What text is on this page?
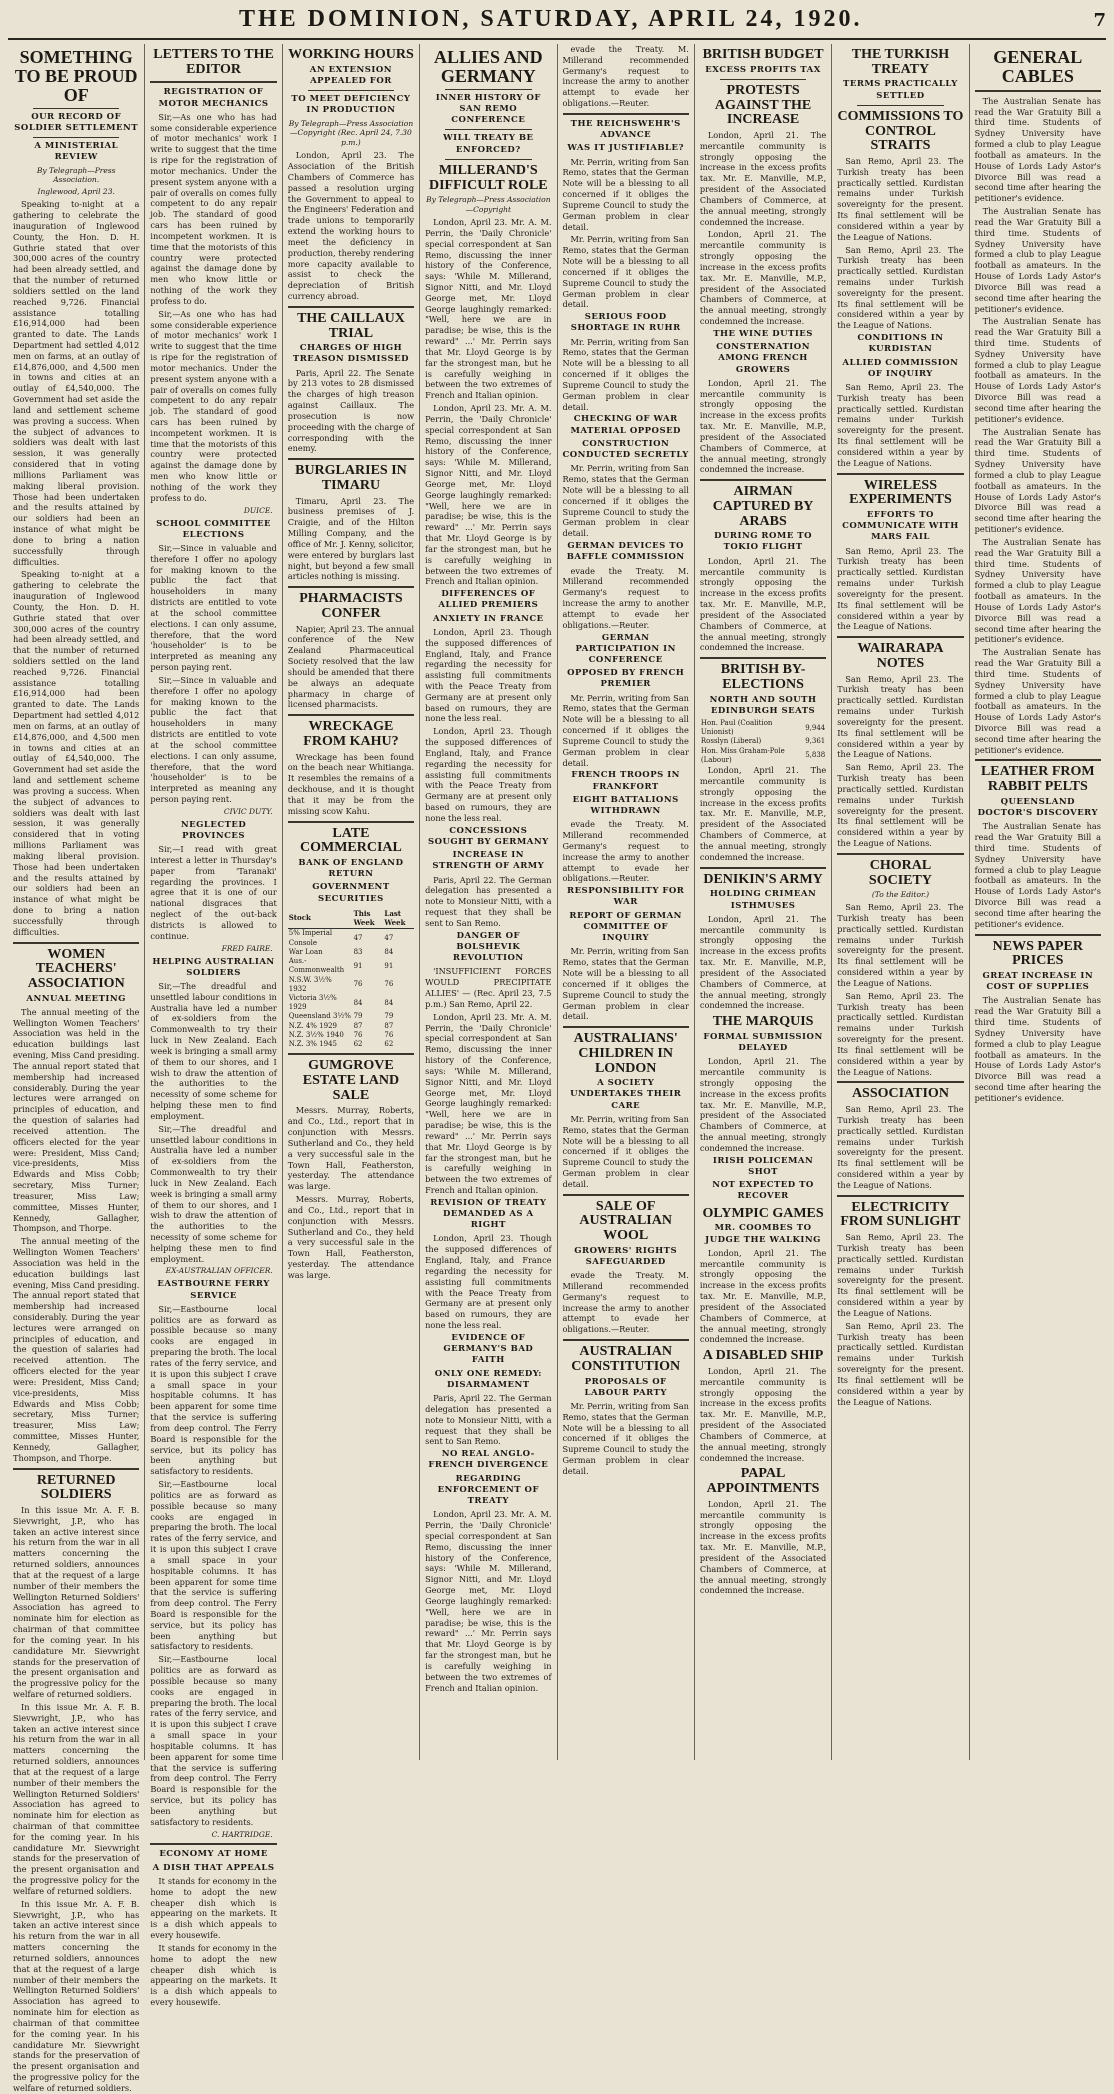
THE DOMINION, SATURDAY, APRIL 24, 1920.	7
SOMETHING TO BE PROUD OF
OUR RECORD OF SOLDIER SETTLEMENT
A MINISTERIAL REVIEW
By Telegraph—Press Association.
Inglewood, April 23.

Speaking to-night at a gathering to celebrate the inauguration of Inglewood County, the Hon. D. H. Guthrie stated that over 300,000 acres of the country had been already settled, and that the number of returned soldiers settled on the land reached 9,726. Financial assistance totalling £16,914,000 had been granted to date. The Lands Department had settled 4,012 men on farms, at an outlay of £14,876,000, and 4,500 men in towns and cities at an outlay of £4,540,000. The Government had set aside the land and settlement scheme was proving a success. When the subject of advances to soldiers was dealt with last session, it was generally considered that in voting millions Parliament was making liberal provision. Those had been undertaken and the results attained by our soldiers had been an instance of what might be done to bring a nation successfully through difficulties.

Speaking to-night at a gathering to celebrate the inauguration of Inglewood County, the Hon. D. H. Guthrie stated that over 300,000 acres of the country had been already settled, and that the number of returned soldiers settled on the land reached 9,726. Financial assistance totalling £16,914,000 had been granted to date. The Lands Department had settled 4,012 men on farms, at an outlay of £14,876,000, and 4,500 men in towns and cities at an outlay of £4,540,000. The Government had set aside the land and settlement scheme was proving a success. When the subject of advances to soldiers was dealt with last session, it was generally considered that in voting millions Parliament was making liberal provision. Those had been undertaken and the results attained by our soldiers had been an instance of what might be done to bring a nation successfully through difficulties.

WOMEN TEACHERS' ASSOCIATION
ANNUAL MEETING

The annual meeting of the Wellington Women Teachers' Association was held in the education buildings last evening, Miss Cand presiding. The annual report stated that membership had increased considerably. During the year lectures were arranged on principles of education, and the question of salaries had received attention. The officers elected for the year were: President, Miss Cand; vice-presidents, Miss Edwards and Miss Cobb; secretary, Miss Turner; treasurer, Miss Law; committee, Misses Hunter, Kennedy, Gallagher, Thompson, and Thorpe.

The annual meeting of the Wellington Women Teachers' Association was held in the education buildings last evening, Miss Cand presiding. The annual report stated that membership had increased considerably. During the year lectures were arranged on principles of education, and the question of salaries had received attention. The officers elected for the year were: President, Miss Cand; vice-presidents, Miss Edwards and Miss Cobb; secretary, Miss Turner; treasurer, Miss Law; committee, Misses Hunter, Kennedy, Gallagher, Thompson, and Thorpe.

RETURNED SOLDIERS

In this issue Mr. A. F. B. Sievwright, J.P., who has taken an active interest since his return from the war in all matters concerning the returned soldiers, announces that at the request of a large number of their members the Wellington Returned Soldiers' Association has agreed to nominate him for election as chairman of that committee for the coming year. In his candidature Mr. Sievwright stands for the preservation of the present organisation and the progressive policy for the welfare of returned soldiers.

In this issue Mr. A. F. B. Sievwright, J.P., who has taken an active interest since his return from the war in all matters concerning the returned soldiers, announces that at the request of a large number of their members the Wellington Returned Soldiers' Association has agreed to nominate him for election as chairman of that committee for the coming year. In his candidature Mr. Sievwright stands for the preservation of the present organisation and the progressive policy for the welfare of returned soldiers.

In this issue Mr. A. F. B. Sievwright, J.P., who has taken an active interest since his return from the war in all matters concerning the returned soldiers, announces that at the request of a large number of their members the Wellington Returned Soldiers' Association has agreed to nominate him for election as chairman of that committee for the coming year. In his candidature Mr. Sievwright stands for the preservation of the present organisation and the progressive policy for the welfare of returned soldiers.

LETTERS TO THE EDITOR
REGISTRATION OF MOTOR MECHANICS

Sir,—As one who has had some considerable experience of motor mechanics' work I write to suggest that the time is ripe for the registration of motor mechanics. Under the present system anyone with a pair of overalls on comes fully competent to do any repair job. The standard of good cars has been ruined by incompetent workmen. It is time that the motorists of this country were protected against the damage done by men who know little or nothing of the work they profess to do.

Sir,—As one who has had some considerable experience of motor mechanics' work I write to suggest that the time is ripe for the registration of motor mechanics. Under the present system anyone with a pair of overalls on comes fully competent to do any repair job. The standard of good cars has been ruined by incompetent workmen. It is time that the motorists of this country were protected against the damage done by men who know little or nothing of the work they profess to do.

DUICE.
SCHOOL COMMITTEE ELECTIONS

Sir,—Since in valuable and therefore I offer no apology for making known to the public the fact that householders in many districts are entitled to vote at the school committee elections. I can only assume, therefore, that the word 'householder' is to be interpreted as meaning any person paying rent.

Sir,—Since in valuable and therefore I offer no apology for making known to the public the fact that householders in many districts are entitled to vote at the school committee elections. I can only assume, therefore, that the word 'householder' is to be interpreted as meaning any person paying rent.

CIVIC DUTY.
NEGLECTED PROVINCES

Sir,—I read with great interest a letter in Thursday's paper from 'Taranaki' regarding the provinces. I agree that it is one of our national disgraces that neglect of the out-back districts is allowed to continue.

FRED FAIRE.
HELPING AUSTRALIAN SOLDIERS

Sir,—The dreadful and unsettled labour conditions in Australia have led a number of ex-soldiers from the Commonwealth to try their luck in New Zealand. Each week is bringing a small army of them to our shores, and I wish to draw the attention of the authorities to the necessity of some scheme for helping these men to find employment.

Sir,—The dreadful and unsettled labour conditions in Australia have led a number of ex-soldiers from the Commonwealth to try their luck in New Zealand. Each week is bringing a small army of them to our shores, and I wish to draw the attention of the authorities to the necessity of some scheme for helping these men to find employment.

EX-AUSTRALIAN OFFICER.
EASTBOURNE FERRY SERVICE

Sir,—Eastbourne local politics are as forward as possible because so many cooks are engaged in preparing the broth. The local rates of the ferry service, and it is upon this subject I crave a small space in your hospitable columns. It has been apparent for some time that the service is suffering from deep control. The Ferry Board is responsible for the service, but its policy has been anything but satisfactory to residents.

Sir,—Eastbourne local politics are as forward as possible because so many cooks are engaged in preparing the broth. The local rates of the ferry service, and it is upon this subject I crave a small space in your hospitable columns. It has been apparent for some time that the service is suffering from deep control. The Ferry Board is responsible for the service, but its policy has been anything but satisfactory to residents.

Sir,—Eastbourne local politics are as forward as possible because so many cooks are engaged in preparing the broth. The local rates of the ferry service, and it is upon this subject I crave a small space in your hospitable columns. It has been apparent for some time that the service is suffering from deep control. The Ferry Board is responsible for the service, but its policy has been anything but satisfactory to residents.

C. HARTRIDGE.
ECONOMY AT HOME
A DISH THAT APPEALS

It stands for economy in the home to adopt the new cheaper dish which is appearing on the markets. It is a dish which appeals to every housewife.

It stands for economy in the home to adopt the new cheaper dish which is appearing on the markets. It is a dish which appeals to every housewife.

WORKING HOURS
AN EXTENSION APPEALED FOR
TO MEET DEFICIENCY IN PRODUCTION
By Telegraph—Press Association—Copyright (Rec. April 24, 7.30 p.m.)

London, April 23. The Association of the British Chambers of Commerce has passed a resolution urging the Government to appeal to the Engineers' Federation and trade unions to temporarily extend the working hours to meet the deficiency in production, thereby rendering more capacity available to assist to check the depreciation of British currency abroad.

THE CAILLAUX TRIAL
CHARGES OF HIGH TREASON DISMISSED

Paris, April 22. The Senate by 213 votes to 28 dismissed the charges of high treason against Caillaux. The prosecution is now proceeding with the charge of corresponding with the enemy.

BURGLARIES IN TIMARU

Timaru, April 23. The business premises of J. Craigie, and of the Hilton Milling Company, and the office of Mr. J. Kenny, solicitor, were entered by burglars last night, but beyond a few small articles nothing is missing.

PHARMACISTS CONFER

Napier, April 23. The annual conference of the New Zealand Pharmaceutical Society resolved that the law should be amended that there be always an adequate pharmacy in charge of licensed pharmacists.

WRECKAGE FROM KAHU?

Wreckage has been found on the beach near Whitianga. It resembles the remains of a deckhouse, and it is thought that it may be from the missing scow Kahu.

LATE COMMERCIAL
BANK OF ENGLAND RETURN
GOVERNMENT SECURITIES
Stock	This Week	Last Week
5% Imperial Console	47	47
War Loan	83	84
Aus.-Commonwealth	91	91
N.S.W. 3½% 1932	76	76
Victoria 3½% 1929	84	84
Queensland 3½%	79	79
N.Z. 4% 1929	87	87
N.Z. 3½% 1940	76	76
N.Z. 3% 1945	62	62
GUMGROVE ESTATE LAND SALE

Messrs. Murray, Roberts, and Co., Ltd., report that in conjunction with Messrs. Sutherland and Co., they held a very successful sale in the Town Hall, Featherston, yesterday. The attendance was large.

Messrs. Murray, Roberts, and Co., Ltd., report that in conjunction with Messrs. Sutherland and Co., they held a very successful sale in the Town Hall, Featherston, yesterday. The attendance was large.

ALLIES AND GERMANY
INNER HISTORY OF SAN REMO CONFERENCE
WILL TREATY BE ENFORCED?
MILLERAND'S DIFFICULT ROLE
By Telegraph—Press Association—Copyright

London, April 23. Mr. A. M. Perrin, the 'Daily Chronicle' special correspondent at San Remo, discussing the inner history of the Conference, says: 'While M. Millerand, Signor Nitti, and Mr. Lloyd George met, Mr. Lloyd George laughingly remarked: "Well, here we are in paradise; be wise, this is the reward" ...' Mr. Perrin says that Mr. Lloyd George is by far the strongest man, but he is carefully weighing in between the two extremes of French and Italian opinion.

London, April 23. Mr. A. M. Perrin, the 'Daily Chronicle' special correspondent at San Remo, discussing the inner history of the Conference, says: 'While M. Millerand, Signor Nitti, and Mr. Lloyd George met, Mr. Lloyd George laughingly remarked: "Well, here we are in paradise; be wise, this is the reward" ...' Mr. Perrin says that Mr. Lloyd George is by far the strongest man, but he is carefully weighing in between the two extremes of French and Italian opinion.

DIFFERENCES OF ALLIED PREMIERS
ANXIETY IN FRANCE

London, April 23. Though the supposed differences of England, Italy, and France regarding the necessity for assisting full commitments with the Peace Treaty from Germany are at present only based on rumours, they are none the less real.

London, April 23. Though the supposed differences of England, Italy, and France regarding the necessity for assisting full commitments with the Peace Treaty from Germany are at present only based on rumours, they are none the less real.

CONCESSIONS SOUGHT BY GERMANY
INCREASE IN STRENGTH OF ARMY

Paris, April 22. The German delegation has presented a note to Monsieur Nitti, with a request that they shall be sent to San Remo.

DANGER OF BOLSHEVIK REVOLUTION

'INSUFFICIENT FORCES WOULD PRECIPITATE ALLIES' — (Rec. April 23, 7.5 p.m.) San Remo, April 22.

London, April 23. Mr. A. M. Perrin, the 'Daily Chronicle' special correspondent at San Remo, discussing the inner history of the Conference, says: 'While M. Millerand, Signor Nitti, and Mr. Lloyd George met, Mr. Lloyd George laughingly remarked: "Well, here we are in paradise; be wise, this is the reward" ...' Mr. Perrin says that Mr. Lloyd George is by far the strongest man, but he is carefully weighing in between the two extremes of French and Italian opinion.

REVISION OF TREATY DEMANDED AS A RIGHT

London, April 23. Though the supposed differences of England, Italy, and France regarding the necessity for assisting full commitments with the Peace Treaty from Germany are at present only based on rumours, they are none the less real.

EVIDENCE OF GERMANY'S BAD FAITH
ONLY ONE REMEDY: DISARMAMENT

Paris, April 22. The German delegation has presented a note to Monsieur Nitti, with a request that they shall be sent to San Remo.

NO REAL ANGLO-FRENCH DIVERGENCE
REGARDING ENFORCEMENT OF TREATY

London, April 23. Mr. A. M. Perrin, the 'Daily Chronicle' special correspondent at San Remo, discussing the inner history of the Conference, says: 'While M. Millerand, Signor Nitti, and Mr. Lloyd George met, Mr. Lloyd George laughingly remarked: "Well, here we are in paradise; be wise, this is the reward" ...' Mr. Perrin says that Mr. Lloyd George is by far the strongest man, but he is carefully weighing in between the two extremes of French and Italian opinion.

evade the Treaty. M. Millerand recommended Germany's request to increase the army to another attempt to evade her obligations.—Reuter.

THE REICHSWEHR'S ADVANCE
WAS IT JUSTIFIABLE?

Mr. Perrin, writing from San Remo, states that the German Note will be a blessing to all concerned if it obliges the Supreme Council to study the German problem in clear detail.

Mr. Perrin, writing from San Remo, states that the German Note will be a blessing to all concerned if it obliges the Supreme Council to study the German problem in clear detail.

SERIOUS FOOD SHORTAGE IN RUHR

Mr. Perrin, writing from San Remo, states that the German Note will be a blessing to all concerned if it obliges the Supreme Council to study the German problem in clear detail.

CHECKING OF WAR MATERIAL OPPOSED
CONSTRUCTION CONDUCTED SECRETLY

Mr. Perrin, writing from San Remo, states that the German Note will be a blessing to all concerned if it obliges the Supreme Council to study the German problem in clear detail.

GERMAN DEVICES TO BAFFLE COMMISSION

evade the Treaty. M. Millerand recommended Germany's request to increase the army to another attempt to evade her obligations.—Reuter.

GERMAN PARTICIPATION IN CONFERENCE
OPPOSED BY FRENCH PREMIER

Mr. Perrin, writing from San Remo, states that the German Note will be a blessing to all concerned if it obliges the Supreme Council to study the German problem in clear detail.

FRENCH TROOPS IN FRANKFORT
EIGHT BATTALIONS WITHDRAWN

evade the Treaty. M. Millerand recommended Germany's request to increase the army to another attempt to evade her obligations.—Reuter.

RESPONSIBILITY FOR WAR
REPORT OF GERMAN COMMITTEE OF INQUIRY

Mr. Perrin, writing from San Remo, states that the German Note will be a blessing to all concerned if it obliges the Supreme Council to study the German problem in clear detail.

AUSTRALIANS' CHILDREN IN LONDON
A SOCIETY UNDERTAKES THEIR CARE

Mr. Perrin, writing from San Remo, states that the German Note will be a blessing to all concerned if it obliges the Supreme Council to study the German problem in clear detail.

SALE OF AUSTRALIAN WOOL
GROWERS' RIGHTS SAFEGUARDED

evade the Treaty. M. Millerand recommended Germany's request to increase the army to another attempt to evade her obligations.—Reuter.

AUSTRALIAN CONSTITUTION
PROPOSALS OF LABOUR PARTY

Mr. Perrin, writing from San Remo, states that the German Note will be a blessing to all concerned if it obliges the Supreme Council to study the German problem in clear detail.

BRITISH BUDGET
EXCESS PROFITS TAX
PROTESTS AGAINST THE INCREASE

London, April 21. The mercantile community is strongly opposing the increase in the excess profits tax. Mr. E. Manville, M.P., president of the Associated Chambers of Commerce, at the annual meeting, strongly condemned the increase.

London, April 21. The mercantile community is strongly opposing the increase in the excess profits tax. Mr. E. Manville, M.P., president of the Associated Chambers of Commerce, at the annual meeting, strongly condemned the increase.

THE WINE DUTIES
CONSTERNATION AMONG FRENCH GROWERS

London, April 21. The mercantile community is strongly opposing the increase in the excess profits tax. Mr. E. Manville, M.P., president of the Associated Chambers of Commerce, at the annual meeting, strongly condemned the increase.

AIRMAN CAPTURED BY ARABS
DURING ROME TO TOKIO FLIGHT

London, April 21. The mercantile community is strongly opposing the increase in the excess profits tax. Mr. E. Manville, M.P., president of the Associated Chambers of Commerce, at the annual meeting, strongly condemned the increase.

BRITISH BY-ELECTIONS
NORTH AND SOUTH EDINBURGH SEATS
Hon. Paul (Coalition Unionist)	9,944
Rosslyn (Liberal)	9,361
Hon. Miss Graham-Pole (Labour)	5,838

London, April 21. The mercantile community is strongly opposing the increase in the excess profits tax. Mr. E. Manville, M.P., president of the Associated Chambers of Commerce, at the annual meeting, strongly condemned the increase.

DENIKIN'S ARMY
HOLDING CRIMEAN ISTHMUSES

London, April 21. The mercantile community is strongly opposing the increase in the excess profits tax. Mr. E. Manville, M.P., president of the Associated Chambers of Commerce, at the annual meeting, strongly condemned the increase.

THE MARQUIS
FORMAL SUBMISSION DELAYED

London, April 21. The mercantile community is strongly opposing the increase in the excess profits tax. Mr. E. Manville, M.P., president of the Associated Chambers of Commerce, at the annual meeting, strongly condemned the increase.

IRISH POLICEMAN SHOT
NOT EXPECTED TO RECOVER
OLYMPIC GAMES
MR. COOMBES TO JUDGE THE WALKING

London, April 21. The mercantile community is strongly opposing the increase in the excess profits tax. Mr. E. Manville, M.P., president of the Associated Chambers of Commerce, at the annual meeting, strongly condemned the increase.

A DISABLED SHIP

London, April 21. The mercantile community is strongly opposing the increase in the excess profits tax. Mr. E. Manville, M.P., president of the Associated Chambers of Commerce, at the annual meeting, strongly condemned the increase.

PAPAL APPOINTMENTS

London, April 21. The mercantile community is strongly opposing the increase in the excess profits tax. Mr. E. Manville, M.P., president of the Associated Chambers of Commerce, at the annual meeting, strongly condemned the increase.

THE TURKISH TREATY
TERMS PRACTICALLY SETTLED
COMMISSIONS TO CONTROL STRAITS

San Remo, April 23. The Turkish treaty has been practically settled. Kurdistan remains under Turkish sovereignty for the present. Its final settlement will be considered within a year by the League of Nations.

San Remo, April 23. The Turkish treaty has been practically settled. Kurdistan remains under Turkish sovereignty for the present. Its final settlement will be considered within a year by the League of Nations.

CONDITIONS IN KURDISTAN
ALLIED COMMISSION OF INQUIRY

San Remo, April 23. The Turkish treaty has been practically settled. Kurdistan remains under Turkish sovereignty for the present. Its final settlement will be considered within a year by the League of Nations.

WIRELESS EXPERIMENTS
EFFORTS TO COMMUNICATE WITH MARS FAIL

San Remo, April 23. The Turkish treaty has been practically settled. Kurdistan remains under Turkish sovereignty for the present. Its final settlement will be considered within a year by the League of Nations.

WAIRARAPA NOTES

San Remo, April 23. The Turkish treaty has been practically settled. Kurdistan remains under Turkish sovereignty for the present. Its final settlement will be considered within a year by the League of Nations.

San Remo, April 23. The Turkish treaty has been practically settled. Kurdistan remains under Turkish sovereignty for the present. Its final settlement will be considered within a year by the League of Nations.

CHORAL SOCIETY
(To the Editor.)

San Remo, April 23. The Turkish treaty has been practically settled. Kurdistan remains under Turkish sovereignty for the present. Its final settlement will be considered within a year by the League of Nations.

San Remo, April 23. The Turkish treaty has been practically settled. Kurdistan remains under Turkish sovereignty for the present. Its final settlement will be considered within a year by the League of Nations.

ASSOCIATION

San Remo, April 23. The Turkish treaty has been practically settled. Kurdistan remains under Turkish sovereignty for the present. Its final settlement will be considered within a year by the League of Nations.

ELECTRICITY FROM SUNLIGHT

San Remo, April 23. The Turkish treaty has been practically settled. Kurdistan remains under Turkish sovereignty for the present. Its final settlement will be considered within a year by the League of Nations.

San Remo, April 23. The Turkish treaty has been practically settled. Kurdistan remains under Turkish sovereignty for the present. Its final settlement will be considered within a year by the League of Nations.

GENERAL CABLES

The Australian Senate has read the War Gratuity Bill a third time. Students of Sydney University have formed a club to play League football as amateurs. In the House of Lords Lady Astor's Divorce Bill was read a second time after hearing the petitioner's evidence.

The Australian Senate has read the War Gratuity Bill a third time. Students of Sydney University have formed a club to play League football as amateurs. In the House of Lords Lady Astor's Divorce Bill was read a second time after hearing the petitioner's evidence.

The Australian Senate has read the War Gratuity Bill a third time. Students of Sydney University have formed a club to play League football as amateurs. In the House of Lords Lady Astor's Divorce Bill was read a second time after hearing the petitioner's evidence.

The Australian Senate has read the War Gratuity Bill a third time. Students of Sydney University have formed a club to play League football as amateurs. In the House of Lords Lady Astor's Divorce Bill was read a second time after hearing the petitioner's evidence.

The Australian Senate has read the War Gratuity Bill a third time. Students of Sydney University have formed a club to play League football as amateurs. In the House of Lords Lady Astor's Divorce Bill was read a second time after hearing the petitioner's evidence.

The Australian Senate has read the War Gratuity Bill a third time. Students of Sydney University have formed a club to play League football as amateurs. In the House of Lords Lady Astor's Divorce Bill was read a second time after hearing the petitioner's evidence.

LEATHER FROM RABBIT PELTS
QUEENSLAND DOCTOR'S DISCOVERY

The Australian Senate has read the War Gratuity Bill a third time. Students of Sydney University have formed a club to play League football as amateurs. In the House of Lords Lady Astor's Divorce Bill was read a second time after hearing the petitioner's evidence.

NEWS PAPER PRICES
GREAT INCREASE IN COST OF SUPPLIES

The Australian Senate has read the War Gratuity Bill a third time. Students of Sydney University have formed a club to play League football as amateurs. In the House of Lords Lady Astor's Divorce Bill was read a second time after hearing the petitioner's evidence.
